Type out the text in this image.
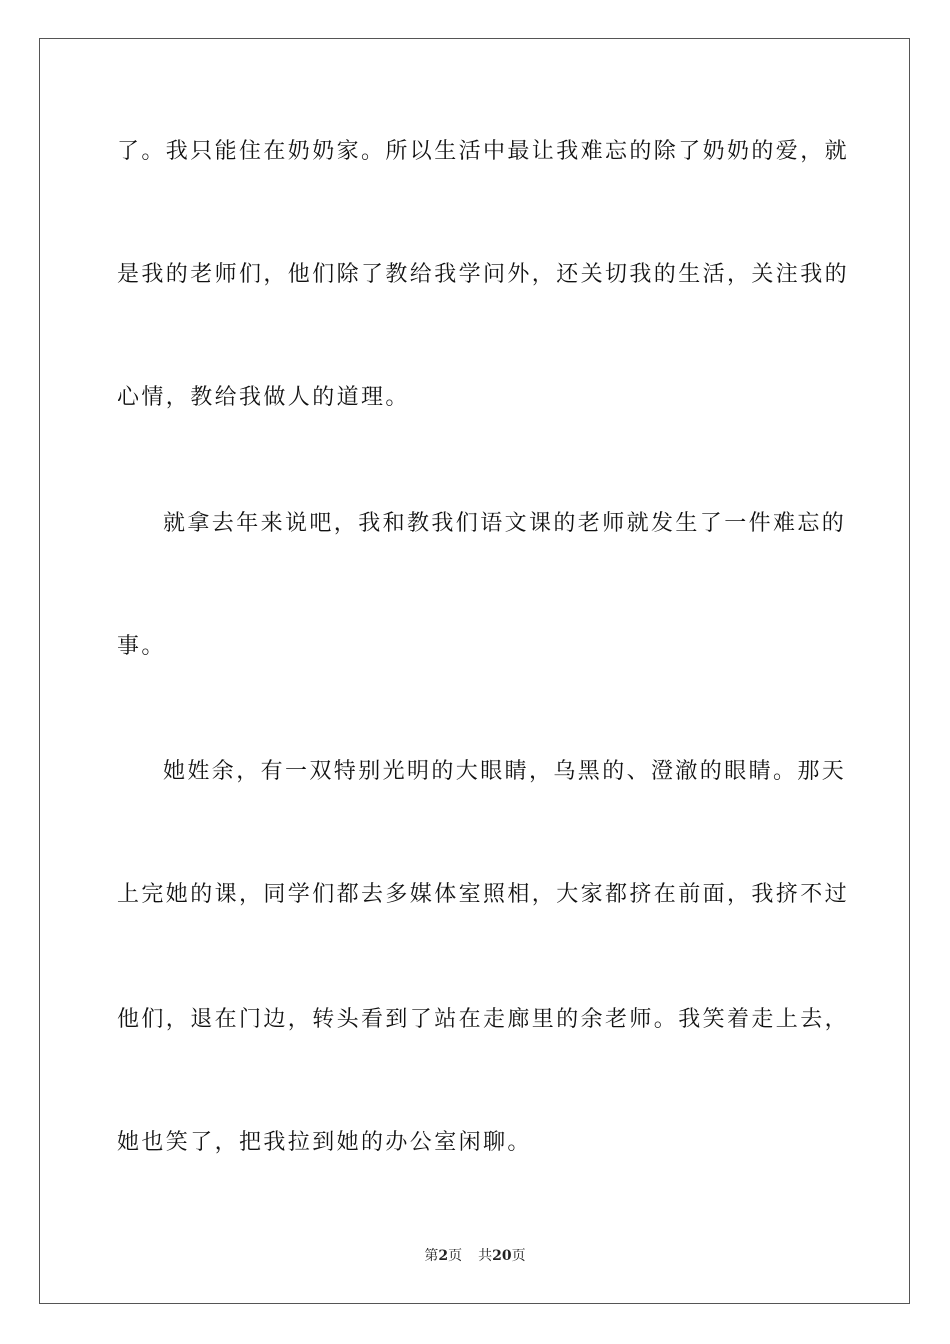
了。我只能住在奶奶家。所以生活中最让我难忘的除了奶奶的爱，就
是我的老师们，他们除了教给我学问外，还关切我的生活，关注我的
心情，教给我做人的道理。
就拿去年来说吧，我和教我们语文课的老师就发生了一件难忘的
事。
她姓余，有一双特别光明的大眼睛，乌黑的、澄澈的眼睛。那天
上完她的课，同学们都去多媒体室照相，大家都挤在前面，我挤不过
他们，退在门边，转头看到了站在走廊里的余老师。我笑着走上去，
她也笑了，把我拉到她的办公室闲聊。
第2页 共20页
